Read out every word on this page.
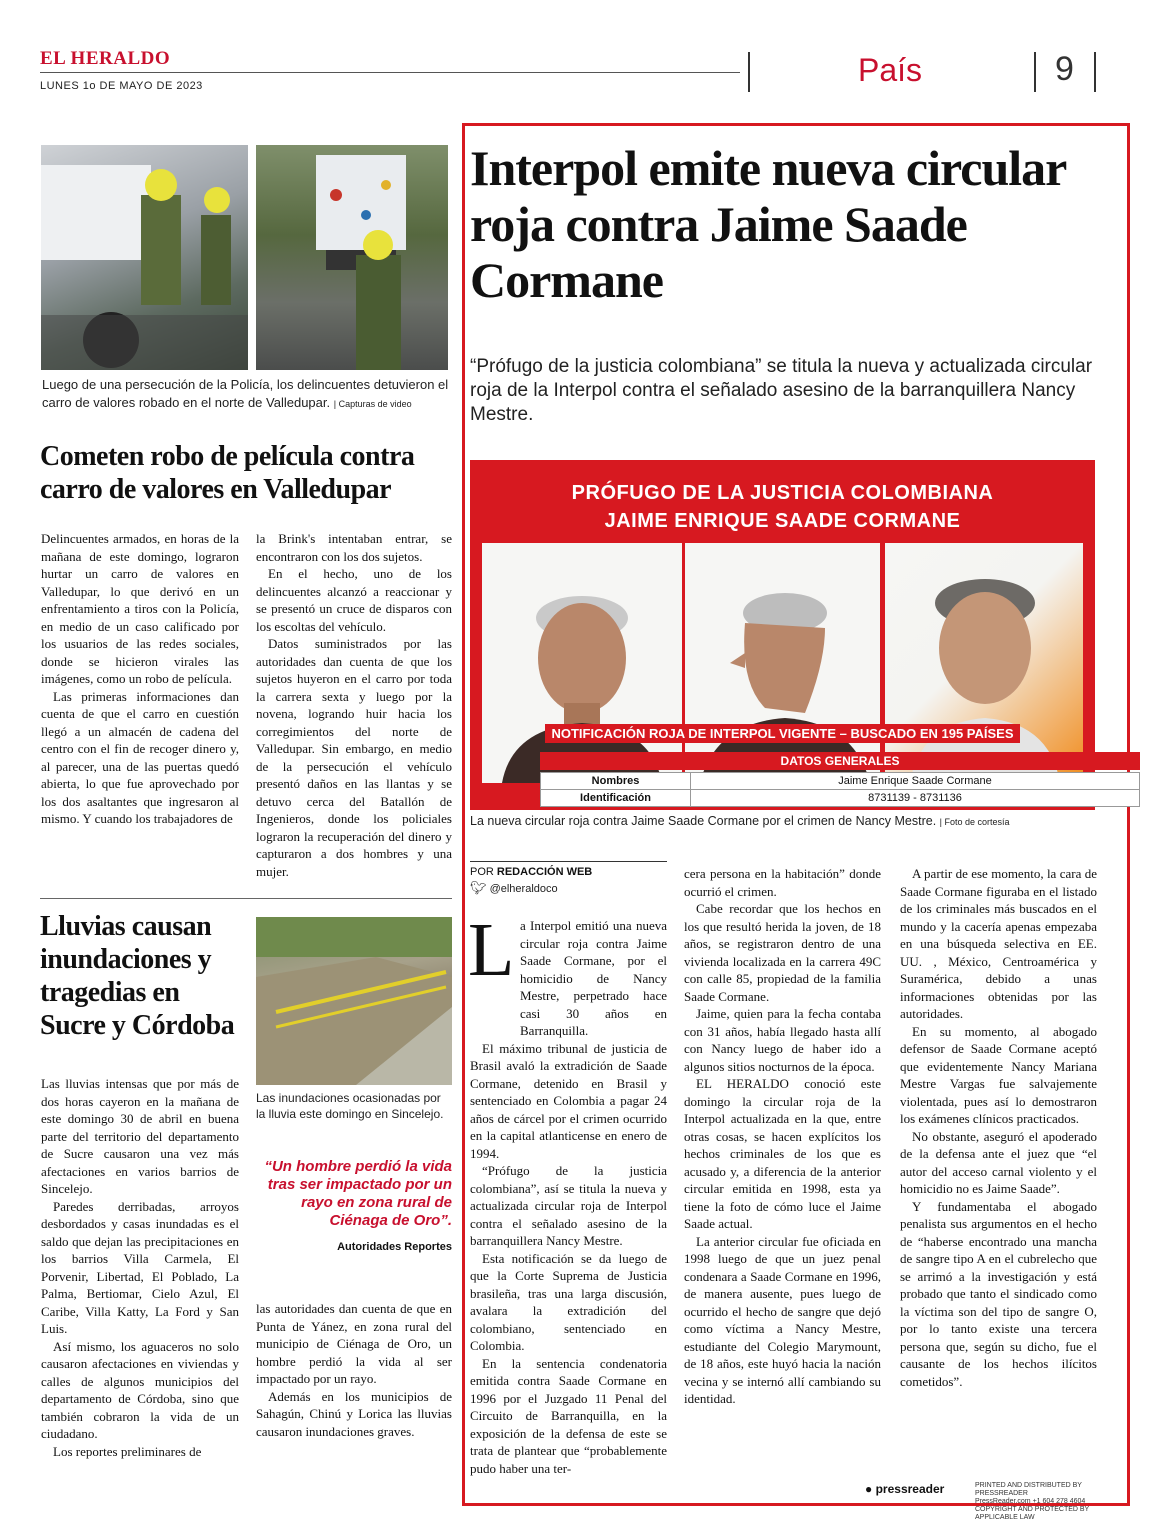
EL HERALDO
LUNES 1o DE MAYO DE 2023	País	9
Luego de una persecución de la Policía, los delincuentes detuvieron el carro de valores robado en el norte de Valledupar. | Capturas de video
Cometen robo de película contra carro de valores en Valledupar

Delincuentes armados, en horas de la mañana de este domingo, lograron hurtar un carro de valores en Valledupar, lo que derivó en un enfrentamiento a tiros con la Policía, en medio de un caso calificado por los usuarios de las redes sociales, donde se hicieron virales las imágenes, como un robo de película.

Las primeras informaciones dan cuenta de que el carro en cuestión llegó a un almacén de cadena del centro con el fin de recoger dinero y, al parecer, una de las puertas quedó abierta, lo que fue aprovechado por los dos asaltantes que ingresaron al mismo. Y cuando los trabajadores de

la Brink's intentaban entrar, se encontraron con los dos sujetos.

En el hecho, uno de los delincuentes alcanzó a reaccionar y se presentó un cruce de disparos con los escoltas del vehículo.

Datos suministrados por las autoridades dan cuenta de que los sujetos huyeron en el carro por toda la carrera sexta y luego por la novena, logrando huir hacia los corregimientos del norte de Valledupar. Sin embargo, en medio de la persecución el vehículo presentó daños en las llantas y se detuvo cerca del Batallón de Ingenieros, donde los policiales lograron la recuperación del dinero y capturaron a dos hombres y una mujer.

Lluvias causan inundaciones y tragedias en Sucre y Córdoba

Las lluvias intensas que por más de dos horas cayeron en la mañana de este domingo 30 de abril en buena parte del territorio del departamento de Sucre causaron una vez más afectaciones en varios barrios de Sincelejo.

Paredes derribadas, arroyos desbordados y casas inundadas es el saldo que dejan las precipitaciones en los barrios Villa Carmela, El Porvenir, Libertad, El Poblado, La Palma, Bertiomar, Cielo Azul, El Caribe, Villa Katty, La Ford y San Luis.

Así mismo, los aguaceros no solo causaron afectaciones en viviendas y calles de algunos municipios del departamento de Córdoba, sino que también cobraron la vida de un ciudadano.

Los reportes preliminares de

Las inundaciones ocasionadas por la lluvia este domingo en Sincelejo.
“Un hombre perdió la vida tras ser impactado por un rayo en zona rural de Ciénaga de Oro”.
Autoridades Reportes

las autoridades dan cuenta de que en Punta de Yánez, en zona rural del municipio de Ciénaga de Oro, un hombre perdió la vida al ser impactado por un rayo.

Además en los municipios de Sahagún, Chinú y Lorica las lluvias causaron inundaciones graves.

Interpol emite nueva circular roja contra Jaime Saade Cormane
“Prófugo de la justicia colombiana” se titula la nueva y actualizada circular roja de la Interpol contra el señalado asesino de la barranquillera Nancy Mestre.
PRÓFUGO DE LA JUSTICIA COLOMBIANA
JAIME ENRIQUE SAADE CORMANE
NOTIFICACIÓN ROJA DE INTERPOL VIGENTE – BUSCADO EN 195 PAÍSES
DATOS GENERALES
Nombres	Jaime Enrique Saade Cormane
Identificación	8731139 - 8731136
La nueva circular roja contra Jaime Saade Cormane por el crimen de Nancy Mestre. | Foto de cortesía
POR REDACCIÓN WEB
🐦︎ @elheraldoco
L a Interpol emitió una nueva circular roja contra Jaime Saade Cormane, por el homicidio de Nancy Mestre, perpetrado hace casi 30 años en Barranquilla.

El máximo tribunal de justicia de Brasil avaló la extradición de Saade Cormane, detenido en Brasil y sentenciado en Colombia a pagar 24 años de cárcel por el crimen ocurrido en la capital atlanticense en enero de 1994.

“Prófugo de la justicia colombiana”, así se titula la nueva y actualizada circular roja de Interpol contra el señalado asesino de la barranquillera Nancy Mestre.

Esta notificación se da luego de que la Corte Suprema de Justicia brasileña, tras una larga discusión, avalara la extradición del colombiano, sentenciado en Colombia.

En la sentencia condenatoria emitida contra Saade Cormane en 1996 por el Juzgado 11 Penal del Circuito de Barranquilla, en la exposición de la defensa de este se trata de plantear que “probablemente pudo haber una ter-

cera persona en la habitación” donde ocurrió el crimen.

Cabe recordar que los hechos en los que resultó herida la joven, de 18 años, se registraron dentro de una vivienda localizada en la carrera 49C con calle 85, propiedad de la familia Saade Cormane.

Jaime, quien para la fecha contaba con 31 años, había llegado hasta allí con Nancy luego de haber ido a algunos sitios nocturnos de la época.

EL HERALDO conoció este domingo la circular roja de la Interpol actualizada en la que, entre otras cosas, se hacen explícitos los hechos criminales de los que es acusado y, a diferencia de la anterior circular emitida en 1998, esta ya tiene la foto de cómo luce el Jaime Saade actual.

La anterior circular fue oficiada en 1998 luego de que un juez penal condenara a Saade Cormane en 1996, de manera ausente, pues luego de ocurrido el hecho de sangre que dejó como víctima a Nancy Mestre, estudiante del Colegio Marymount, de 18 años, este huyó hacia la nación vecina y se internó allí cambiando su identidad.

A partir de ese momento, la cara de Saade Cormane figuraba en el listado de los criminales más buscados en el mundo y la cacería apenas empezaba en una búsqueda selectiva en EE. UU. , México, Centroamérica y Suramérica, debido a unas informaciones obtenidas por las autoridades.

En su momento, al abogado defensor de Saade Cormane aceptó que evidentemente Nancy Mariana Mestre Vargas fue salvajemente violentada, pues así lo demostraron los exámenes clínicos practicados.

No obstante, aseguró el apoderado de la defensa ante el juez que “el autor del acceso carnal violento y el homicidio no es Jaime Saade”.

Y fundamentaba el abogado penalista sus argumentos en el hecho de “haberse encontrado una mancha de sangre tipo A en el cubrelecho que se arrimó a la investigación y está probado que tanto el sindicado como la víctima son del tipo de sangre O, por lo tanto existe una tercera persona que, según su dicho, fue el causante de los hechos ilícitos cometidos”.

● pressreader	PRINTED AND DISTRIBUTED BY PRESSREADER
PressReader.com +1 604 278 4604
COPYRIGHT AND PROTECTED BY APPLICABLE LAW
